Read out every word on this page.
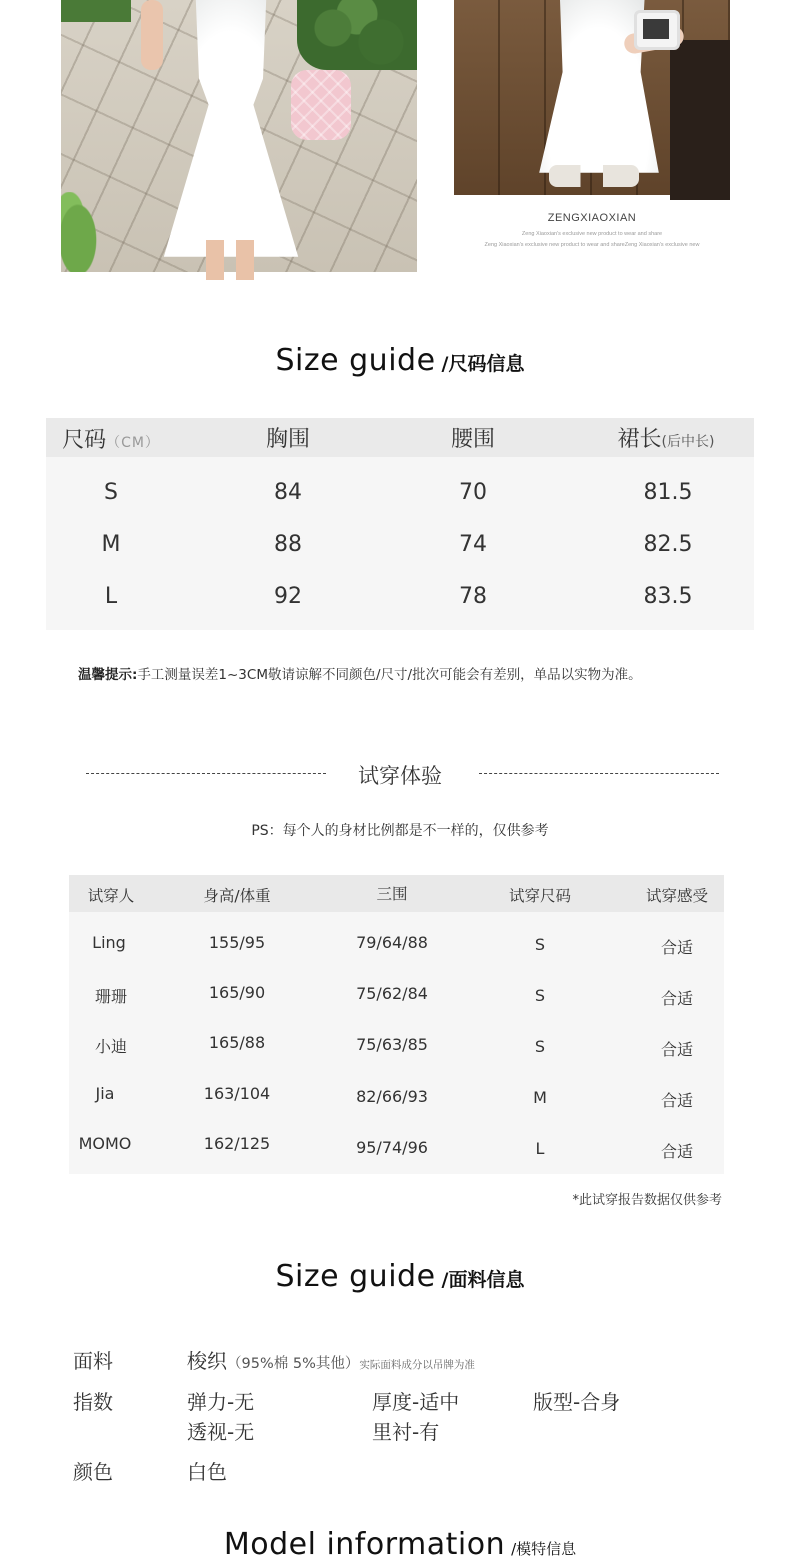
ZENGXIAOXIAN
Zeng Xiaoxian's exclusive new product to wear and share
Zeng Xiaoxian's exclusive new product to wear and shareZeng Xiaoxian's exclusive new
Size guide /尺码信息
尺码（CM）	胸围	腰围	裙长(后中长)
S	84	70	81.5
M	88	74	82.5
L	92	78	83.5
温馨提示:手工测量误差1~3CM敬请谅解不同颜色/尺寸/批次可能会有差别，单品以实物为准。
试穿体验
PS：每个人的身材比例都是不一样的，仅供参考
试穿人	身高/体重	三围	试穿尺码	试穿感受
Ling	155/95	79/64/88	S	合适
珊珊	165/90	75/62/84	S	合适
小迪	165/88	75/63/85	S	合适
Jia	163/104	82/66/93	M	合适
MOMO	162/125	95/74/96	L	合适
*此试穿报告数据仅供参考
Size guide /面料信息
面料	梭织（95%棉 5%其他）实际面料成分以吊牌为准
指数	弹力-无	厚度-适中	版型-合身
透视-无	里衬-有
颜色	白色
Model information /模特信息
